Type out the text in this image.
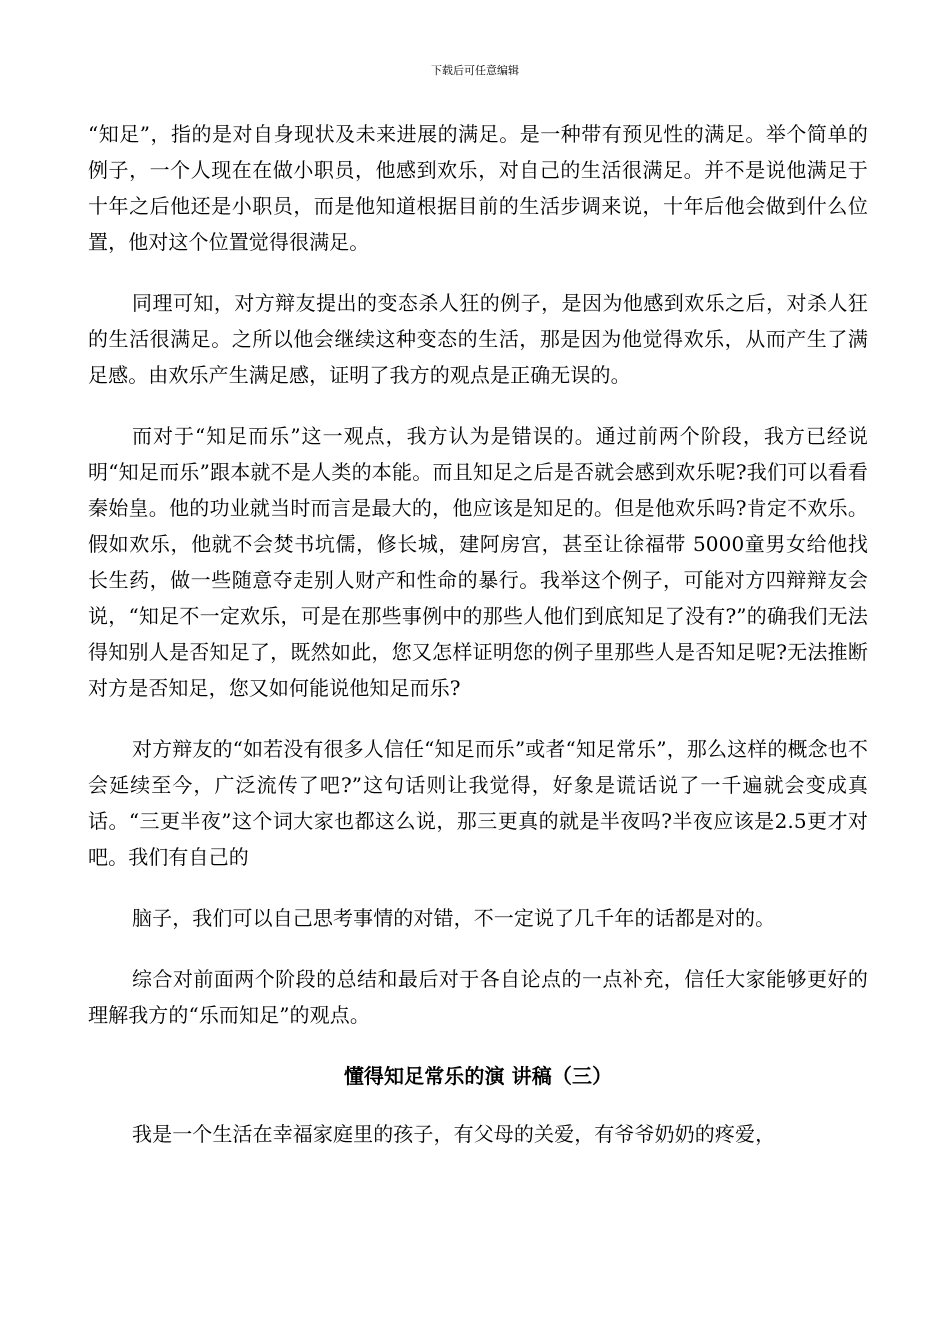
下载后可任意编辑

“知足”，指的是对自身现状及未来进展的满足。是一种带有预见性的满足。举个简单的例子，一个人现在在做小职员，他感到欢乐，对自己的生活很满足。并不是说他满足于十年之后他还是小职员，而是他知道根据目前的生活步调来说，十年后他会做到什么位置，他对这个位置觉得很满足。

同理可知，对方辩友提出的变态杀人狂的例子，是因为他感到欢乐之后，对杀人狂的生活很满足。之所以他会继续这种变态的生活，那是因为他觉得欢乐，从而产生了满足感。由欢乐产生满足感，证明了我方的观点是正确无误的。

而对于“知足而乐”这一观点，我方认为是错误的。通过前两个阶段，我方已经说明“知足而乐”跟本就不是人类的本能。而且知足之后是否就会感到欢乐呢?我们可以看看秦始皇。他的功业就当时而言是最大的，他应该是知足的。但是他欢乐吗?肯定不欢乐。假如欢乐，他就不会焚书坑儒，修长城，建阿房宫，甚至让徐福带 5000童男女给他找长生药，做一些随意夺走别人财产和性命的暴行。我举这个例子，可能对方四辩辩友会说，“知足不一定欢乐，可是在那些事例中的那些人他们到底知足了没有?”的确我们无法得知别人是否知足了，既然如此，您又怎样证明您的例子里那些人是否知足呢?无法推断对方是否知足，您又如何能说他知足而乐?

对方辩友的“如若没有很多人信任“知足而乐”或者“知足常乐”，那么这样的概念也不会延续至今，广泛流传了吧?”这句话则让我觉得，好象是谎话说了一千遍就会变成真话。“三更半夜”这个词大家也都这么说，那三更真的就是半夜吗?半夜应该是2.5更才对吧。我们有自己的

脑子，我们可以自己思考事情的对错，不一定说了几千年的话都是对的。

综合对前面两个阶段的总结和最后对于各自论点的一点补充，信任大家能够更好的理解我方的“乐而知足”的观点。

懂得知足常乐的演 讲稿（三）

我是一个生活在幸福家庭里的孩子，有父母的关爱，有爷爷奶奶的疼爱，
